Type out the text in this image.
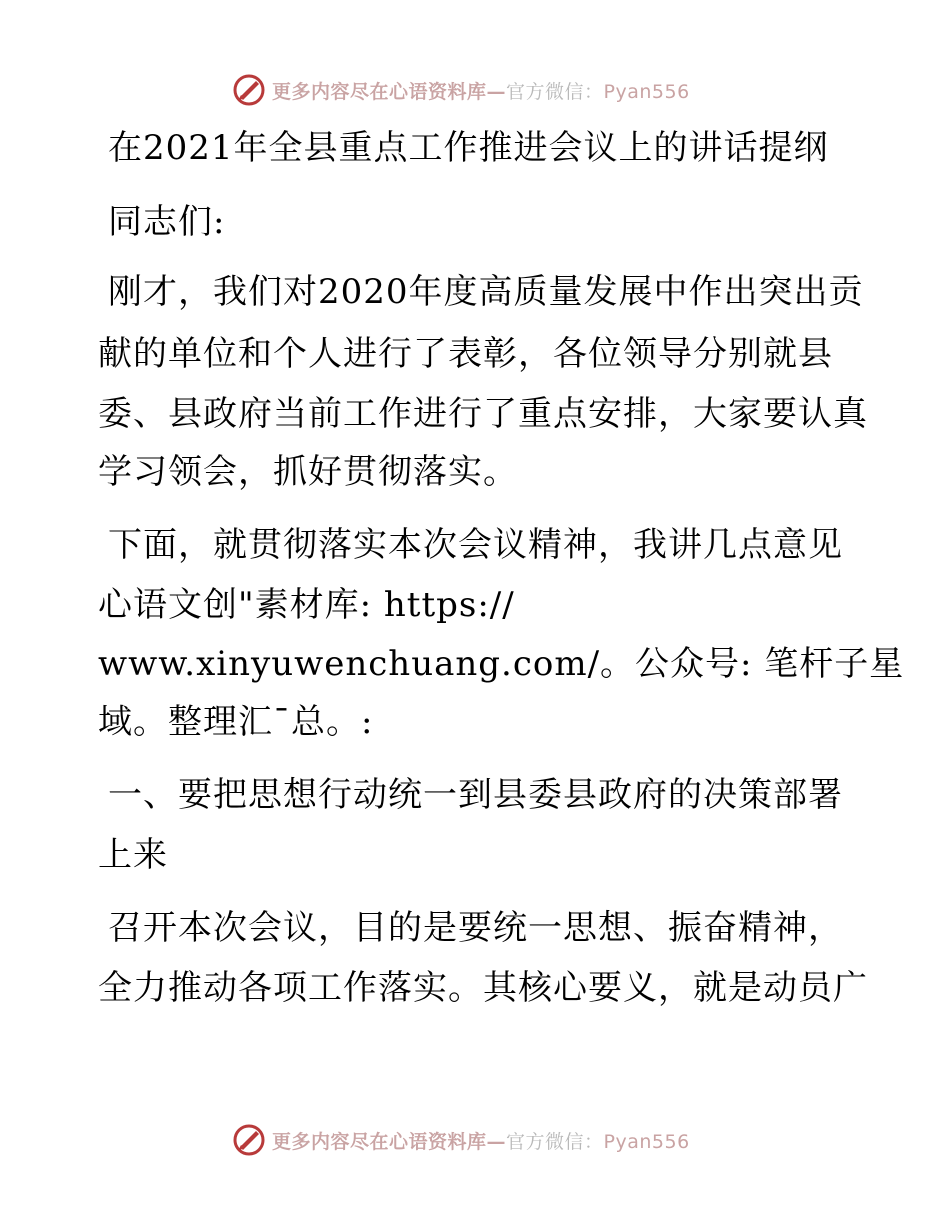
更多内容尽在心语资料库—官方微信：Pyan556
在2021年全县重点工作推进会议上的讲话提纲
同志们:
刚才，我们对2020年度高质量发展中作出突出贡
献的单位和个人进行了表彰，各位领导分别就县
委、县政府当前工作进行了重点安排，大家要认真
学习领会，抓好贯彻落实。
下面，就贯彻落实本次会议精神，我讲几点意见
心语文创"素材库: https://
www.xinyuwenchuang.com/。公众号: 笔杆子星
域。整理汇¯总。:
一、要把思想行动统一到县委县政府的决策部署
上来
召开本次会议，目的是要统一思想、振奋精神，
全力推动各项工作落实。其核心要义，就是动员广
更多内容尽在心语资料库—官方微信：Pyan556
